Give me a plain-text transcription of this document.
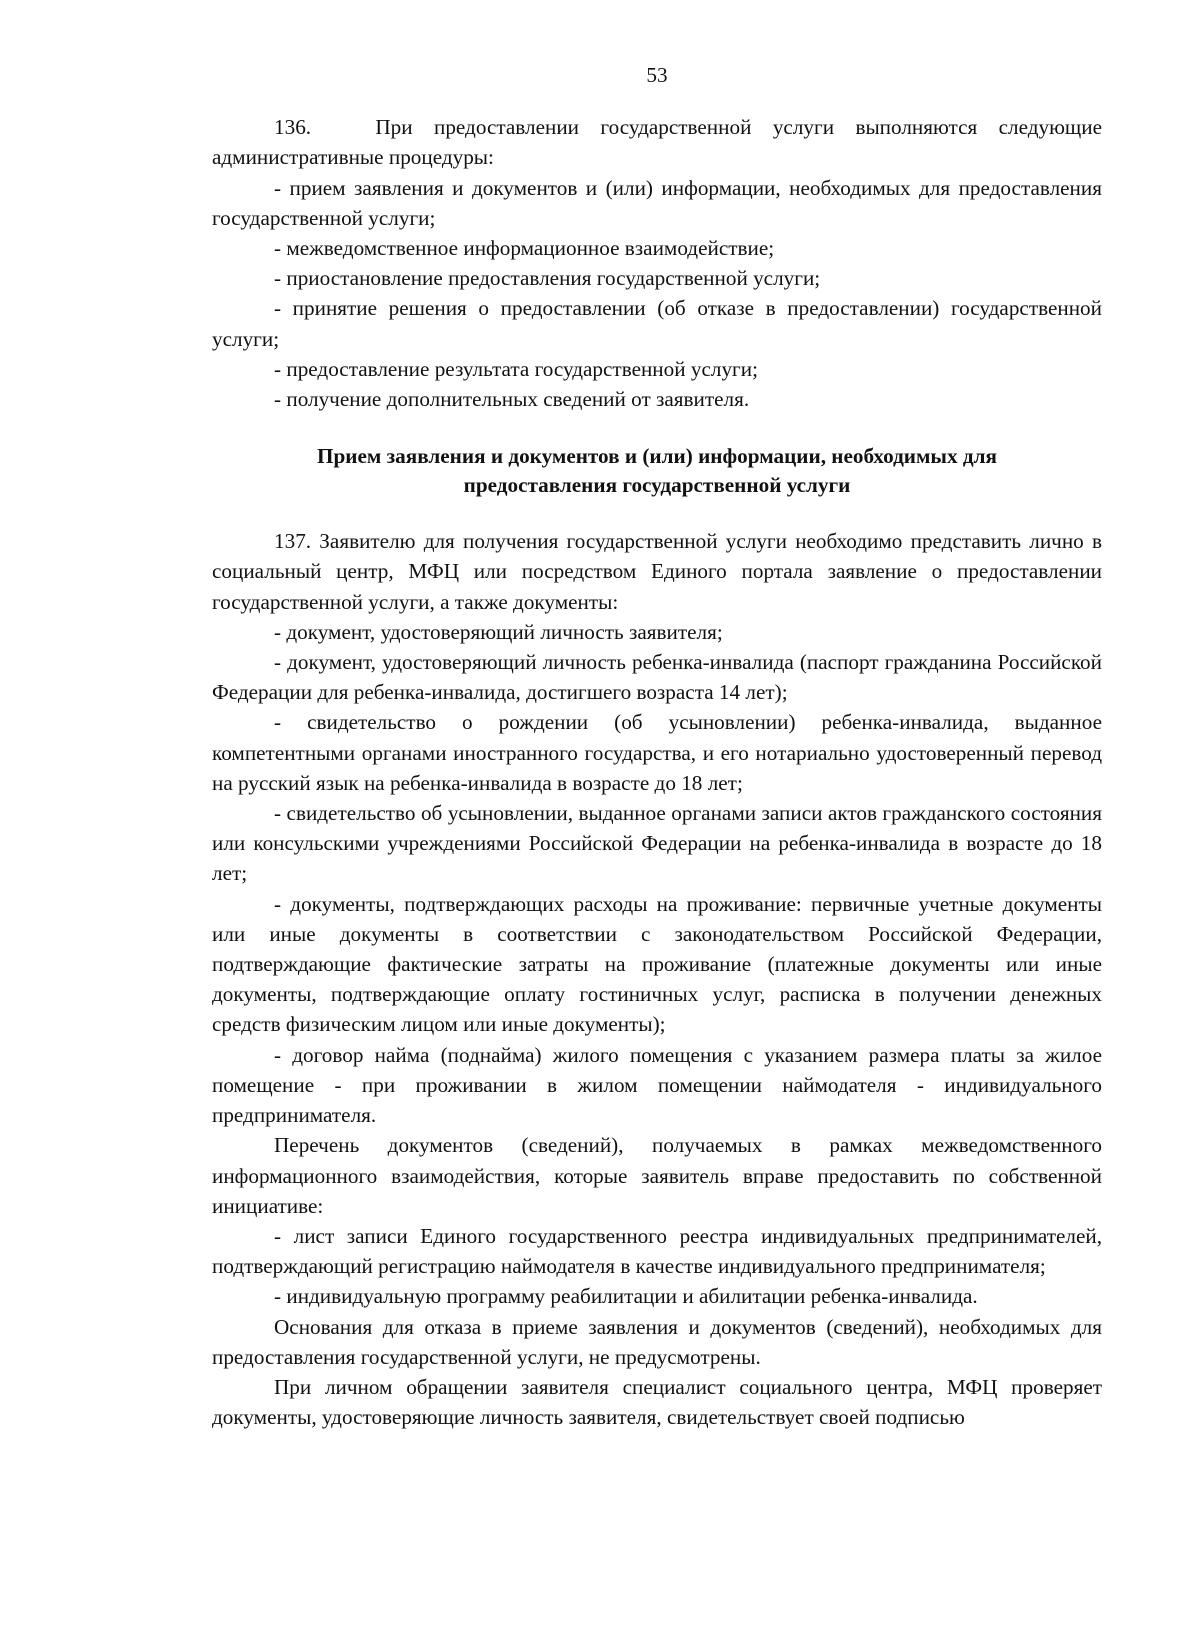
53

136.   При предоставлении государственной услуги выполняются следующие административные процедуры:

- прием заявления и документов и (или) информации, необходимых для предоставления государственной услуги;

- межведомственное информационное взаимодействие;

- приостановление предоставления государственной услуги;

- принятие решения о предоставлении (об отказе в предоставлении) государственной услуги;

- предоставление результата государственной услуги;

- получение дополнительных сведений от заявителя.

Прием заявления и документов и (или) информации, необходимых для
предоставления государственной услуги

137. Заявителю для получения государственной услуги необходимо представить лично в социальный центр, МФЦ или посредством Единого портала заявление о предоставлении государственной услуги, а также документы:

- документ, удостоверяющий личность заявителя;

- документ, удостоверяющий личность ребенка-инвалида (паспорт гражданина Российской Федерации для ребенка-инвалида, достигшего возраста 14 лет);

- свидетельство о рождении (об усыновлении) ребенка-инвалида, выданное компетентными органами иностранного государства, и его нотариально удостоверенный перевод на русский язык на ребенка-инвалида в возрасте до 18 лет;

- свидетельство об усыновлении, выданное органами записи актов гражданского состояния или консульскими учреждениями Российской Федерации на ребенка-инвалида в возрасте до 18 лет;

- документы, подтверждающих расходы на проживание: первичные учетные документы или иные документы в соответствии с законодательством Российской Федерации, подтверждающие фактические затраты на проживание (платежные документы или иные документы, подтверждающие оплату гостиничных услуг, расписка в получении денежных средств физическим лицом или иные документы);

- договор найма (поднайма) жилого помещения с указанием размера платы за жилое помещение - при проживании в жилом помещении наймодателя - индивидуального предпринимателя.

Перечень документов (сведений), получаемых в рамках межведомственного информационного взаимодействия, которые заявитель вправе предоставить по собственной инициативе:

- лист записи Единого государственного реестра индивидуальных предпринимателей, подтверждающий регистрацию наймодателя в качестве индивидуального предпринимателя;

- индивидуальную программу реабилитации и абилитации ребенка-инвалида.

Основания для отказа в приеме заявления и документов (сведений), необходимых для предоставления государственной услуги, не предусмотрены.

При личном обращении заявителя специалист социального центра, МФЦ проверяет документы, удостоверяющие личность заявителя, свидетельствует своей подписью
